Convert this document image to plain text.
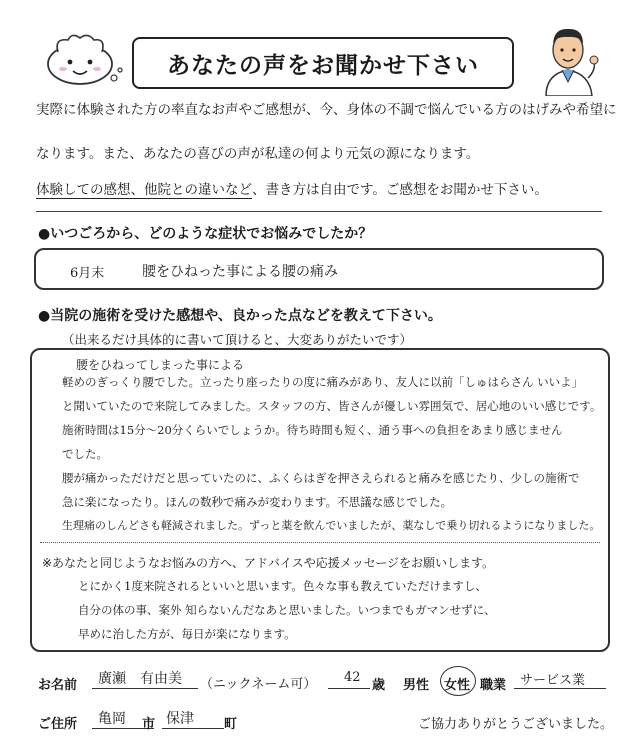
あなたの声をお聞かせ下さい
実際に体験された方の率直なお声やご感想が、今、身体の不調で悩んでいる方のはげみや希望に
なります。また、あなたの喜びの声が私達の何より元気の源になります。
体験しての感想、他院との違いなど、書き方は自由です。ご感想をお聞かせ下さい。
●いつごろから、どのような症状でお悩みでしたか？
6月末	腰をひねった事による腰の痛み
●当院の施術を受けた感想や、良かった点などを教えて下さい。
（出来るだけ具体的に書いて頂けると、大変ありがたいです）
腰をひねってしまった事による
軽めのぎっくり腰でした。立ったり座ったりの度に痛みがあり、友人に以前「しゅはらさん いいよ」
と聞いていたので来院してみました。スタッフの方、皆さんが優しい雰囲気で、居心地のいい感じです。
施術時間は15分〜20分くらいでしょうか。待ち時間も短く、通う事への負担をあまり感じません
でした。
腰が痛かっただけだと思っていたのに、ふくらはぎを押さえられると痛みを感じたり、少しの施術で
急に楽になったり。ほんの数秒で痛みが変わります。不思議な感じでした。
生理痛のしんどさも軽減されました。ずっと薬を飲んでいましたが、薬なしで乗り切れるようになりました。
※あなたと同じようなお悩みの方へ、アドバイスや応援メッセージをお願いします。
とにかく1度来院されるといいと思います。色々な事も教えていただけますし、
自分の体の事、案外 知らないんだなあと思いました。いつまでもガマンせずに、
早めに治した方が、毎日が楽になります。
お名前 廣瀬　有由美 （ニックネーム可） 42
歳 男性 女性 職業 サービス業
ご住所 亀岡 市 保津 町	ご協力ありがとうございました。
